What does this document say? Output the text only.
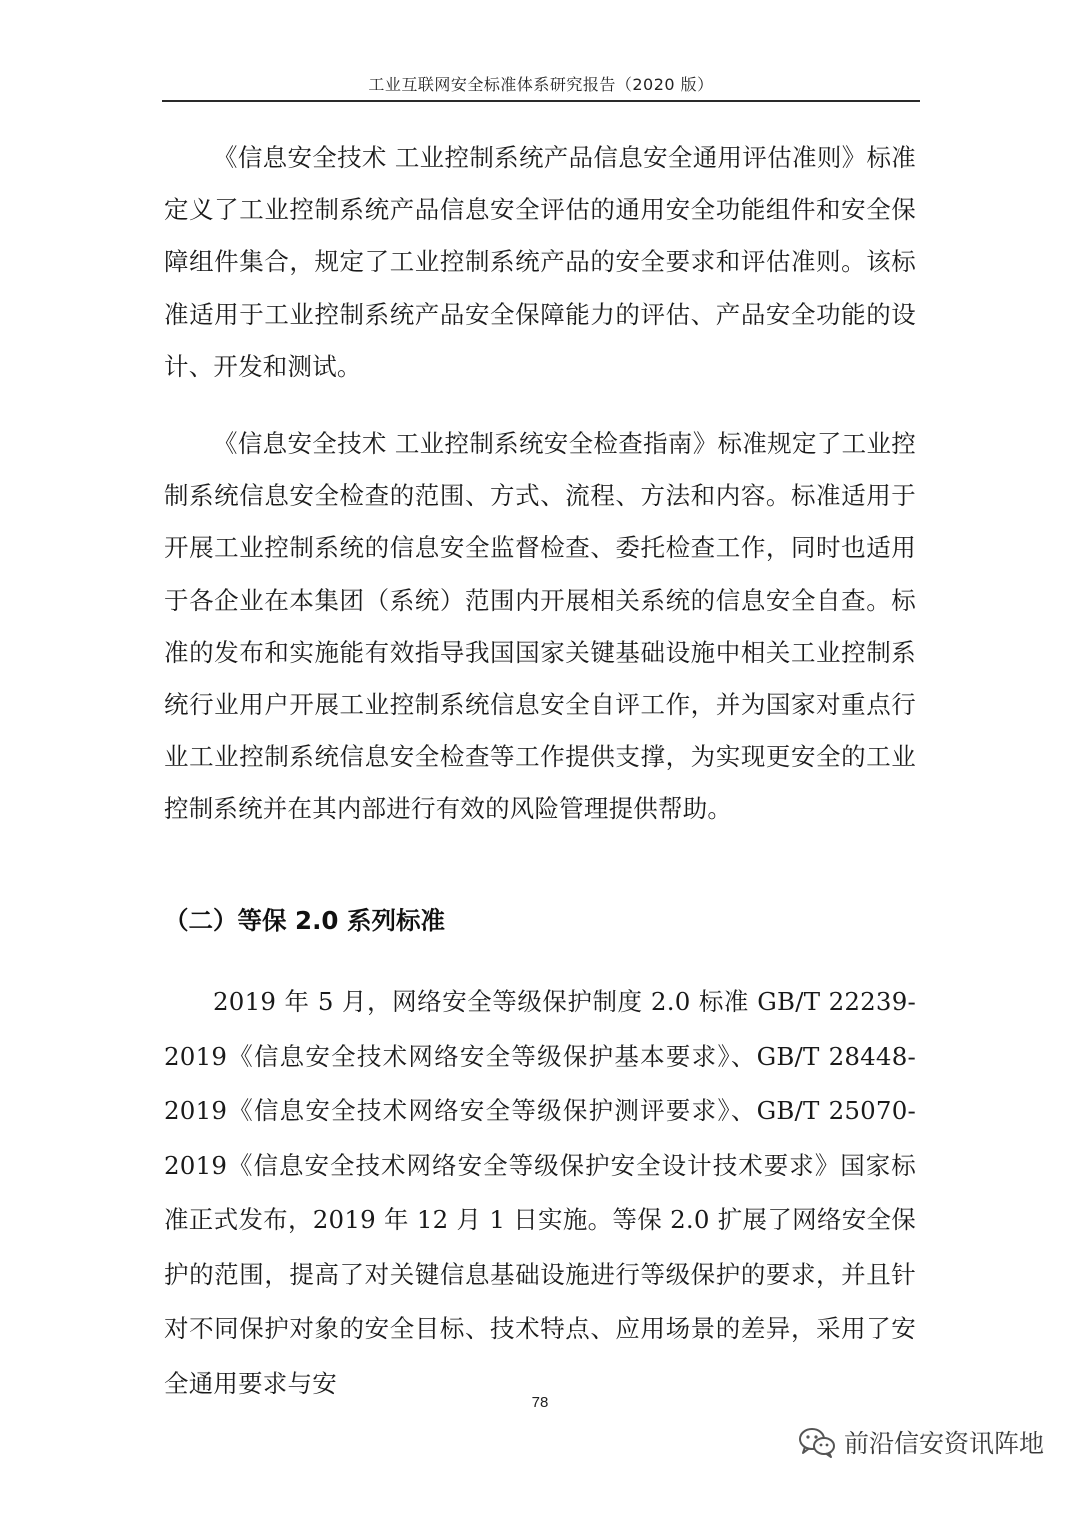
工业互联网安全标准体系研究报告（2020 版）

《信息安全技术 工业控制系统产品信息安全通用评估准则》标准定义了工业控制系统产品信息安全评估的通用安全功能组件和安全保障组件集合，规定了工业控制系统产品的安全要求和评估准则。该标准适用于工业控制系统产品安全保障能力的评估、产品安全功能的设计、开发和测试。

《信息安全技术 工业控制系统安全检查指南》标准规定了工业控制系统信息安全检查的范围、方式、流程、方法和内容。标准适用于开展工业控制系统的信息安全监督检查、委托检查工作，同时也适用于各企业在本集团（系统）范围内开展相关系统的信息安全自查。标准的发布和实施能有效指导我国国家关键基础设施中相关工业控制系统行业用户开展工业控制系统信息安全自评工作，并为国家对重点行业工业控制系统信息安全检查等工作提供支撑，为实现更安全的工业控制系统并在其内部进行有效的风险管理提供帮助。

（二）等保 2.0 系列标准

2019 年 5 月，网络安全等级保护制度 2.0 标准 GB/T 22239-2019《信息安全技术网络安全等级保护基本要求》、GB/T 28448-2019《信息安全技术网络安全等级保护测评要求》、GB/T 25070-2019《信息安全技术网络安全等级保护安全设计技术要求》国家标准正式发布，2019 年 12 月 1 日实施。等保 2.0 扩展了网络安全保护的范围，提高了对关键信息基础设施进行等级保护的要求，并且针对不同保护对象的安全目标、技术特点、应用场景的差异，采用了安全通用要求与安

78
前沿信安资讯阵地
